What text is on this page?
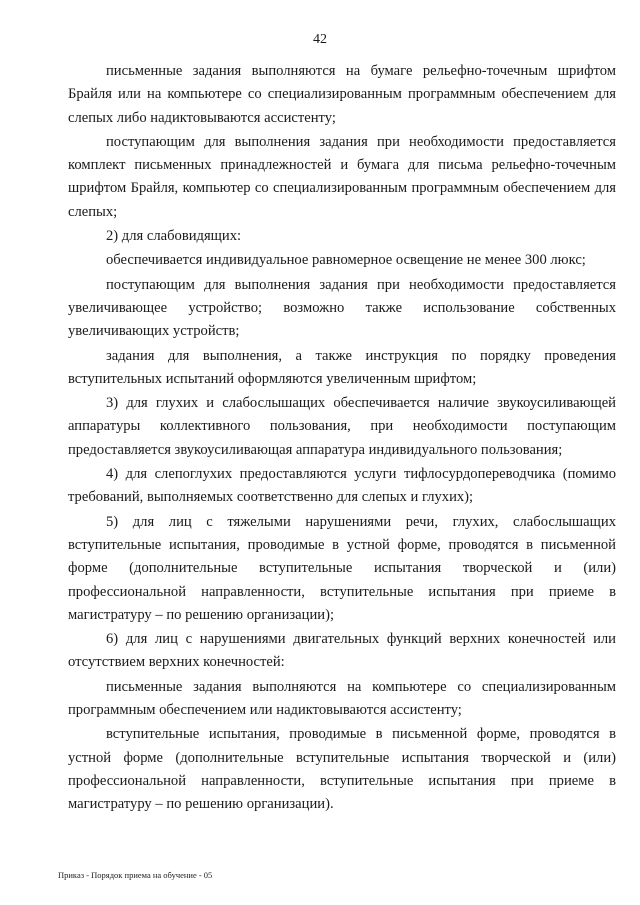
42

письменные задания выполняются на бумаге рельефно-точечным шрифтом Брайля или на компьютере со специализированным программным обеспечением для слепых либо надиктовываются ассистенту;

поступающим для выполнения задания при необходимости предоставляется комплект письменных принадлежностей и бумага для письма рельефно-точечным шрифтом Брайля, компьютер со специализированным программным обеспечением для слепых;

2) для слабовидящих:

обеспечивается индивидуальное равномерное освещение не менее 300 люкс;

поступающим для выполнения задания при необходимости предоставляется увеличивающее устройство; возможно также использование собственных увеличивающих устройств;

задания для выполнения, а также инструкция по порядку проведения вступительных испытаний оформляются увеличенным шрифтом;

3) для глухих и слабослышащих обеспечивается наличие звукоусиливающей аппаратуры коллективного пользования, при необходимости поступающим предоставляется звукоусиливающая аппаратура индивидуального пользования;

4) для слепоглухих предоставляются услуги тифлосурдопереводчика (помимо требований, выполняемых соответственно для слепых и глухих);

5) для лиц с тяжелыми нарушениями речи, глухих, слабослышащих вступительные испытания, проводимые в устной форме, проводятся в письменной форме (дополнительные вступительные испытания творческой и (или) профессиональной направленности, вступительные испытания при приеме в магистратуру – по решению организации);

6) для лиц с нарушениями двигательных функций верхних конечностей или отсутствием верхних конечностей:

письменные задания выполняются на компьютере со специализированным программным обеспечением или надиктовываются ассистенту;

вступительные испытания, проводимые в письменной форме, проводятся в устной форме (дополнительные вступительные испытания творческой и (или) профессиональной направленности, вступительные испытания при приеме в магистратуру – по решению организации).

Приказ - Порядок приема на обучение - 05
